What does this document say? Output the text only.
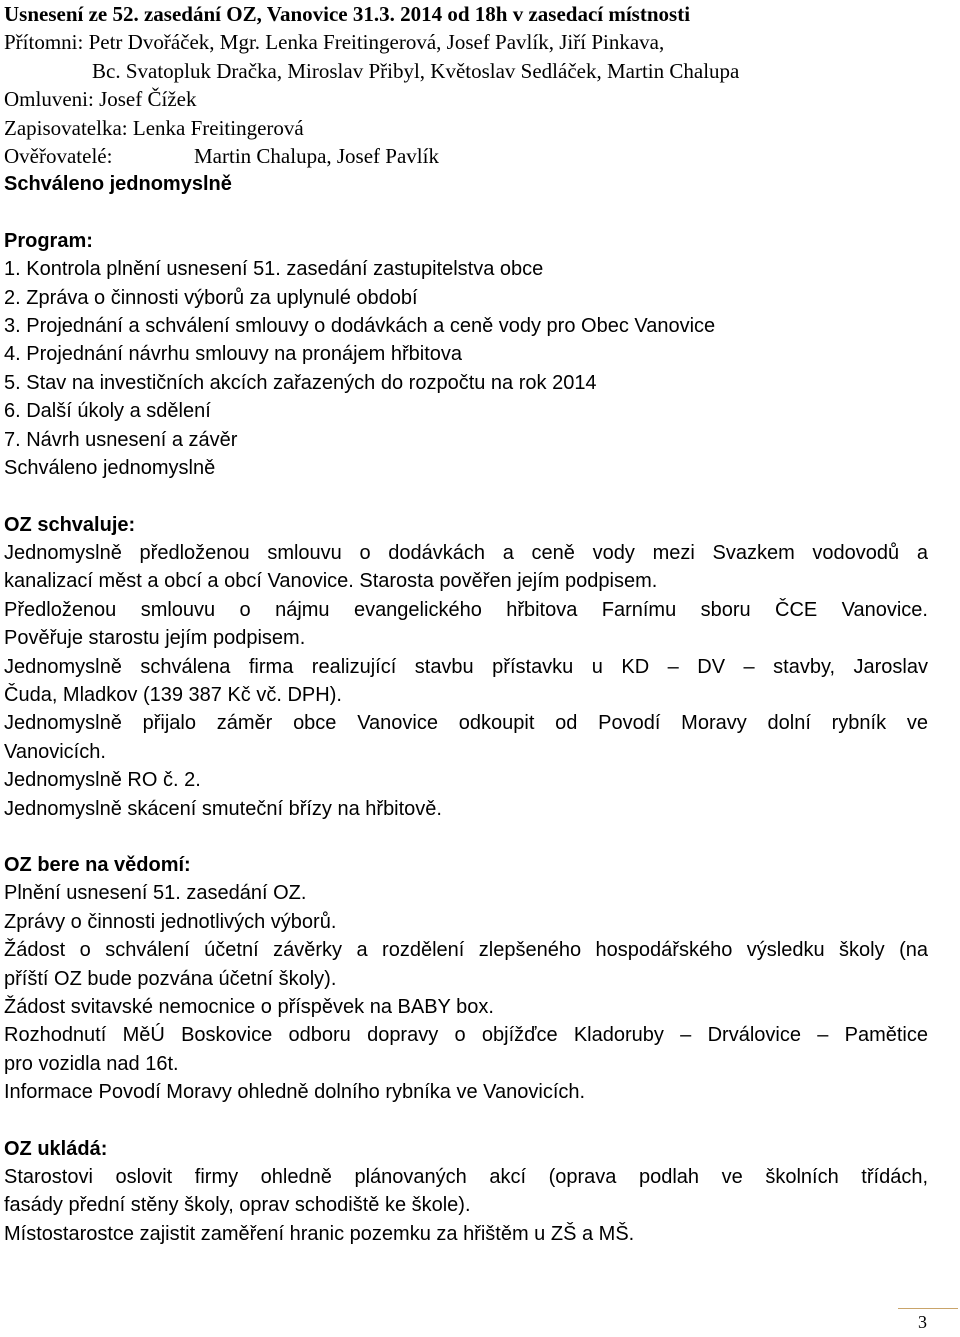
Usnesení ze 52. zasedání OZ, Vanovice 31.3. 2014 od 18h v zasedací místnosti
Přítomni: Petr Dvořáček, Mgr. Lenka Freitingerová, Josef Pavlík, Jiří Pinkava,
Bc. Svatopluk Dračka, Miroslav Přibyl, Květoslav Sedláček, Martin Chalupa
Omluveni: Josef Čížek
Zapisovatelka: Lenka Freitingerová
Ověřovatelé:	Martin Chalupa, Josef Pavlík
Schváleno jednomyslně
Program:
1. Kontrola plnění usnesení 51. zasedání zastupitelstva obce
2. Zpráva o činnosti výborů za uplynulé období
3. Projednání a schválení smlouvy o dodávkách a ceně vody pro Obec Vanovice
4. Projednání návrhu smlouvy na pronájem hřbitova
5. Stav na investičních akcích zařazených do rozpočtu na rok 2014
6. Další úkoly a sdělení
7. Návrh usnesení a závěr
Schváleno jednomyslně
OZ schvaluje:
Jednomyslně předloženou smlouvu o dodávkách a ceně vody mezi Svazkem vodovodů a
kanalizací měst a obcí a obcí Vanovice. Starosta pověřen jejím podpisem.
Předloženou smlouvu o nájmu evangelického hřbitova Farnímu sboru ČCE Vanovice.
Pověřuje starostu jejím podpisem.
Jednomyslně schválena firma realizující stavbu přístavku u KD – DV – stavby, Jaroslav
Čuda, Mladkov (139 387 Kč vč. DPH).
Jednomyslně přijalo záměr obce Vanovice odkoupit od Povodí Moravy dolní rybník ve
Vanovicích.
Jednomyslně RO č. 2.
Jednomyslně skácení smuteční břízy na hřbitově.
OZ bere na vědomí:
Plnění usnesení 51. zasedání OZ.
Zprávy o činnosti jednotlivých výborů.
Žádost o schválení účetní závěrky a rozdělení zlepšeného hospodářského výsledku školy (na
příští OZ bude pozvána účetní školy).
Žádost svitavské nemocnice o příspěvek na BABY box.
Rozhodnutí MěÚ Boskovice odboru dopravy o objížďce Kladoruby – Drválovice – Pamětice
pro vozidla nad 16t.
Informace Povodí Moravy ohledně dolního rybníka ve Vanovicích.
OZ ukládá:
Starostovi oslovit firmy ohledně plánovaných akcí (oprava podlah ve školních třídách,
fasády přední stěny školy, oprav schodiště ke škole).
Místostarostce zajistit zaměření hranic pozemku za hřištěm u ZŠ a MŠ.
3
